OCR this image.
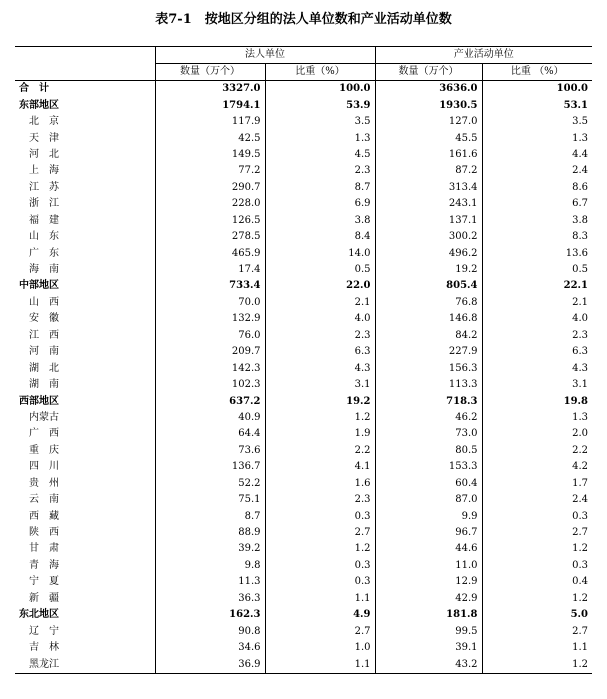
表7-1　按地区分组的法人单位数和产业活动单位数
	法人单位		产业活动单位	
	数量（万个）	比重（%）	数量（万个）	比重 （%）
合　计	3327.0	100.0	3636.0	100.0
东部地区	1794.1	53.9	1930.5	53.1
北　京	117.9	3.5	127.0	3.5
天　津	42.5	1.3	45.5	1.3
河　北	149.5	4.5	161.6	4.4
上　海	77.2	2.3	87.2	2.4
江　苏	290.7	8.7	313.4	8.6
浙　江	228.0	6.9	243.1	6.7
福　建	126.5	3.8	137.1	3.8
山　东	278.5	8.4	300.2	8.3
广　东	465.9	14.0	496.2	13.6
海　南	17.4	0.5	19.2	0.5
中部地区	733.4	22.0	805.4	22.1
山　西	70.0	2.1	76.8	2.1
安　徽	132.9	4.0	146.8	4.0
江　西	76.0	2.3	84.2	2.3
河　南	209.7	6.3	227.9	6.3
湖　北	142.3	4.3	156.3	4.3
湖　南	102.3	3.1	113.3	3.1
西部地区	637.2	19.2	718.3	19.8
内蒙古	40.9	1.2	46.2	1.3
广　西	64.4	1.9	73.0	2.0
重　庆	73.6	2.2	80.5	2.2
四　川	136.7	4.1	153.3	4.2
贵　州	52.2	1.6	60.4	1.7
云　南	75.1	2.3	87.0	2.4
西　藏	8.7	0.3	9.9	0.3
陕　西	88.9	2.7	96.7	2.7
甘　肃	39.2	1.2	44.6	1.2
青　海	9.8	0.3	11.0	0.3
宁　夏	11.3	0.3	12.9	0.4
新　疆	36.3	1.1	42.9	1.2
东北地区	162.3	4.9	181.8	5.0
辽　宁	90.8	2.7	99.5	2.7
吉　林	34.6	1.0	39.1	1.1
黑龙江	36.9	1.1	43.2	1.2
